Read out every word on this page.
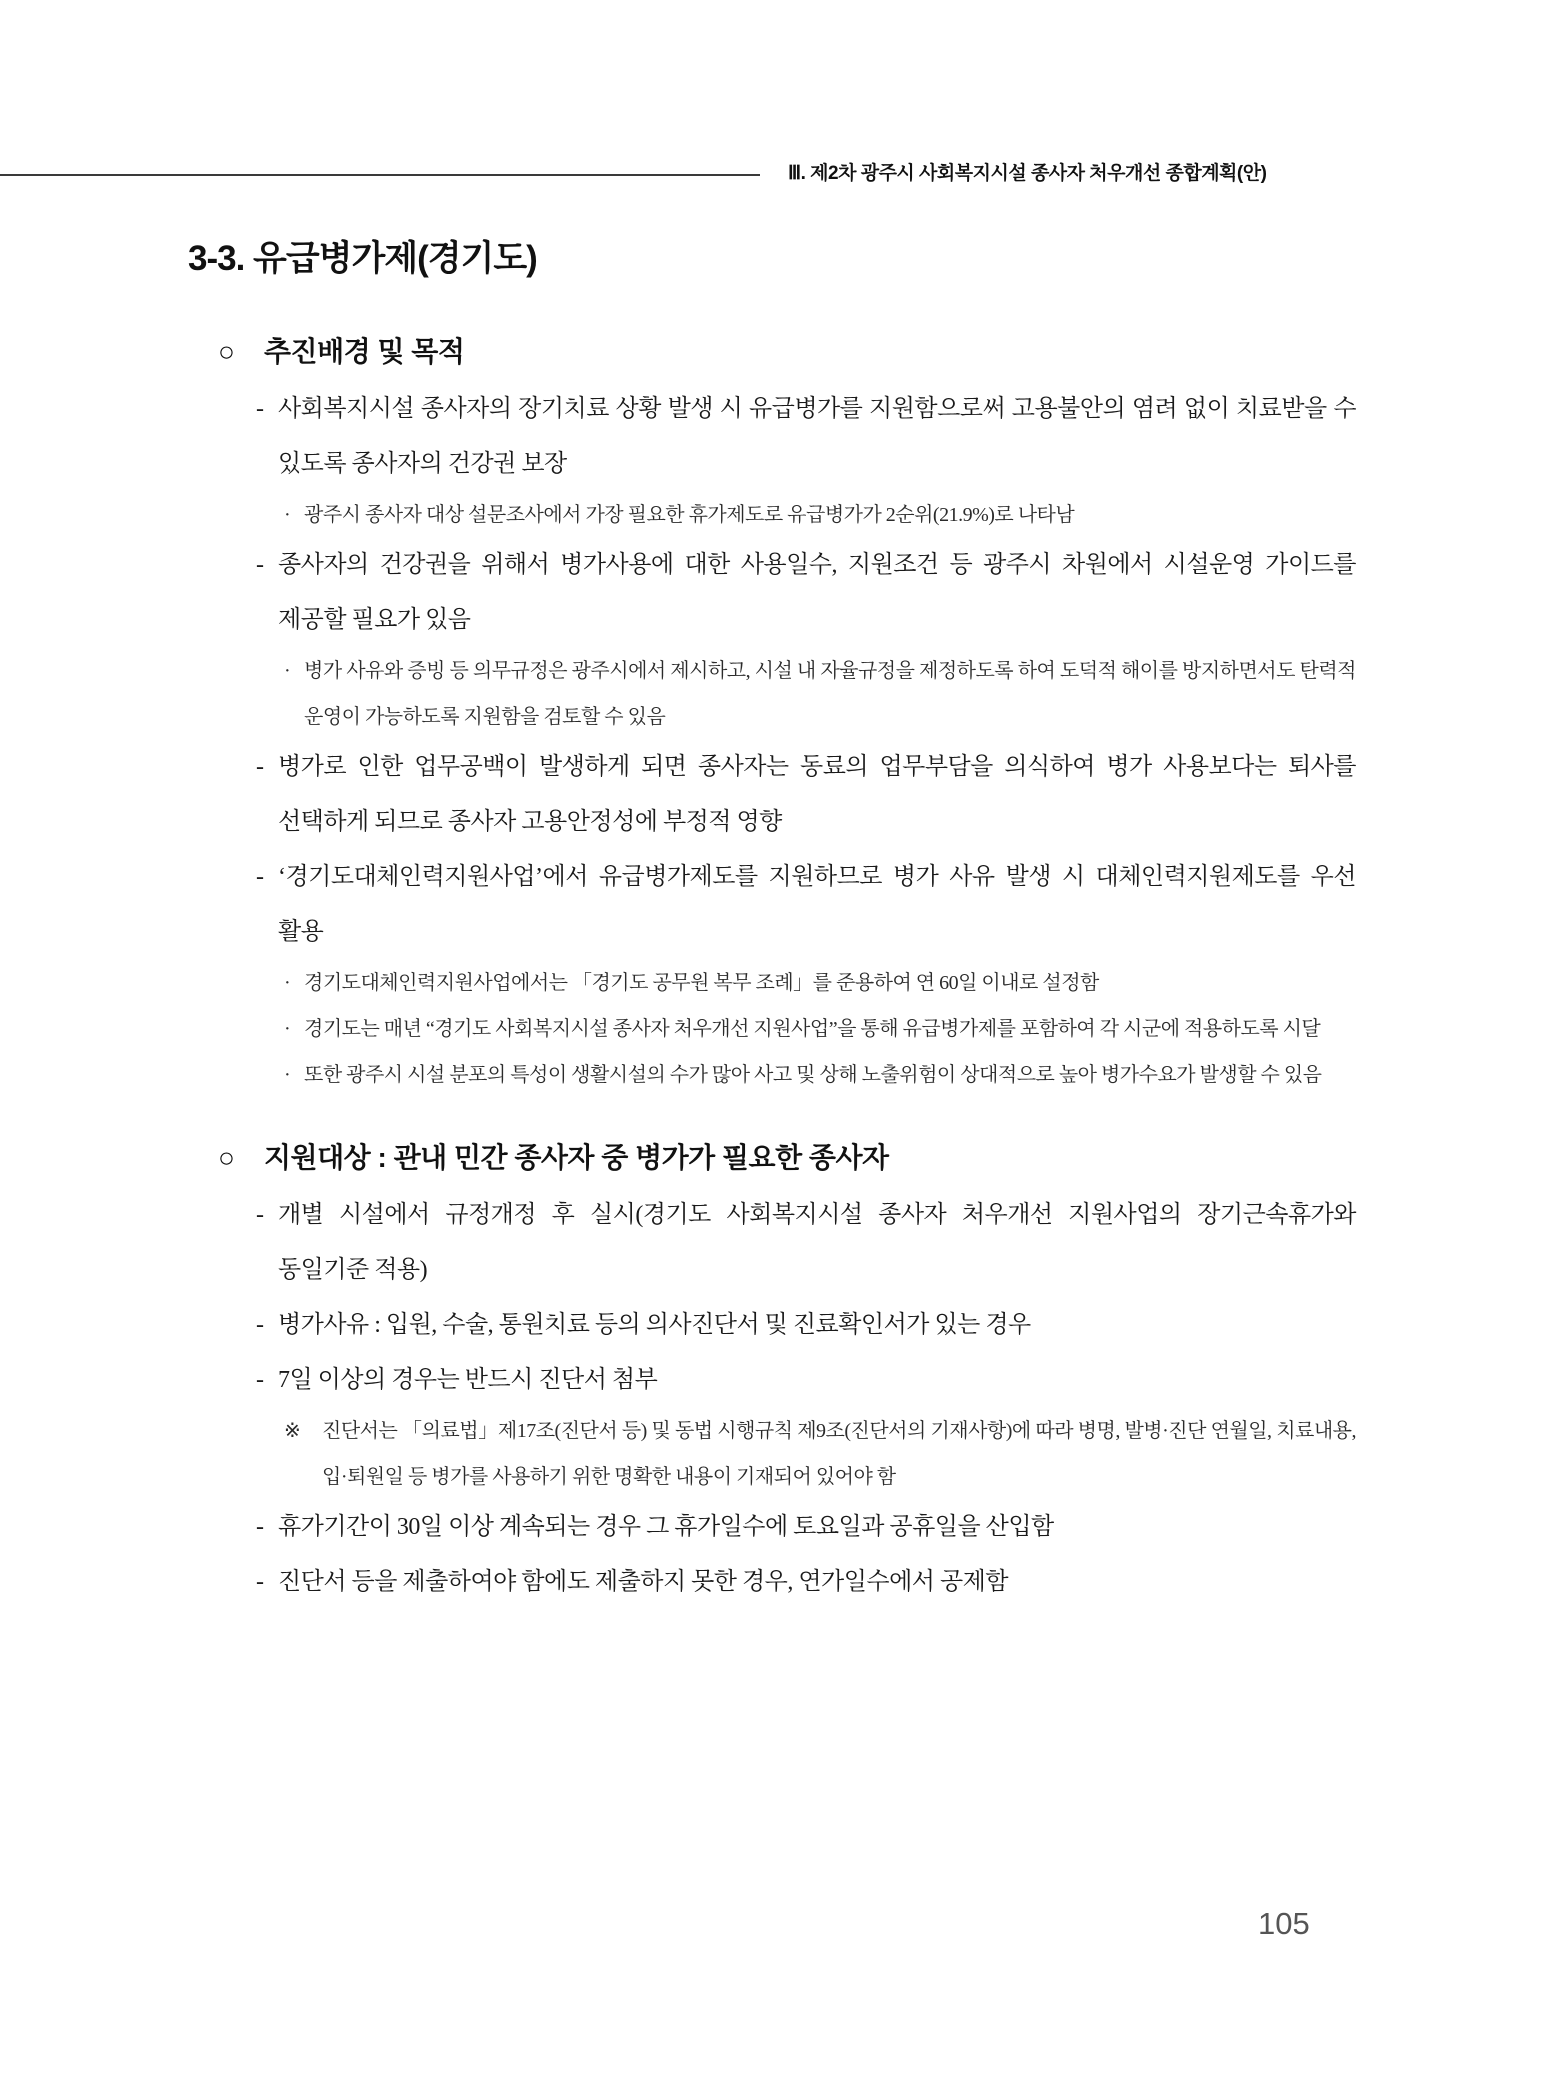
Ⅲ. 제2차 광주시 사회복지시설 종사자 처우개선 종합계획(안)
3-3. 유급병가제(경기도)
○	추진배경 및 목적
- 사회복지시설 종사자의 장기치료 상황 발생 시 유급병가를 지원함으로써 고용불안의 염려 없이 치료받을 수 있도록 종사자의 건강권 보장
· 광주시 종사자 대상 설문조사에서 가장 필요한 휴가제도로 유급병가가 2순위(21.9%)로 나타남
- 종사자의 건강권을 위해서 병가사용에 대한 사용일수, 지원조건 등 광주시 차원에서 시설운영 가이드를 제공할 필요가 있음
· 병가 사유와 증빙 등 의무규정은 광주시에서 제시하고, 시설 내 자율규정을 제정하도록 하여 도덕적 해이를 방지하면서도 탄력적 운영이 가능하도록 지원함을 검토할 수 있음
- 병가로 인한 업무공백이 발생하게 되면 종사자는 동료의 업무부담을 의식하여 병가 사용보다는 퇴사를 선택하게 되므로 종사자 고용안정성에 부정적 영향
- ‘경기도대체인력지원사업’에서 유급병가제도를 지원하므로 병가 사유 발생 시 대체인력지원제도를 우선 활용
· 경기도대체인력지원사업에서는 「경기도 공무원 복무 조례」를 준용하여 연 60일 이내로 설정함
· 경기도는 매년 “경기도 사회복지시설 종사자 처우개선 지원사업”을 통해 유급병가제를 포함하여 각 시군에 적용하도록 시달
· 또한 광주시 시설 분포의 특성이 생활시설의 수가 많아 사고 및 상해 노출위험이 상대적으로 높아 병가수요가 발생할 수 있음
○	지원대상 : 관내 민간 종사자 중 병가가 필요한 종사자
- 개별 시설에서 규정개정 후 실시(경기도 사회복지시설 종사자 처우개선 지원사업의 장기근속휴가와 동일기준 적용)
- 병가사유 : 입원, 수술, 통원치료 등의 의사진단서 및 진료확인서가 있는 경우
- 7일 이상의 경우는 반드시 진단서 첨부
※	진단서는 「의료법」제17조(진단서 등) 및 동법 시행규칙 제9조(진단서의 기재사항)에 따라 병명, 발병·진단 연월일, 치료내용, 입·퇴원일 등 병가를 사용하기 위한 명확한 내용이 기재되어 있어야 함
- 휴가기간이 30일 이상 계속되는 경우 그 휴가일수에 토요일과 공휴일을 산입함
- 진단서 등을 제출하여야 함에도 제출하지 못한 경우, 연가일수에서 공제함
105
